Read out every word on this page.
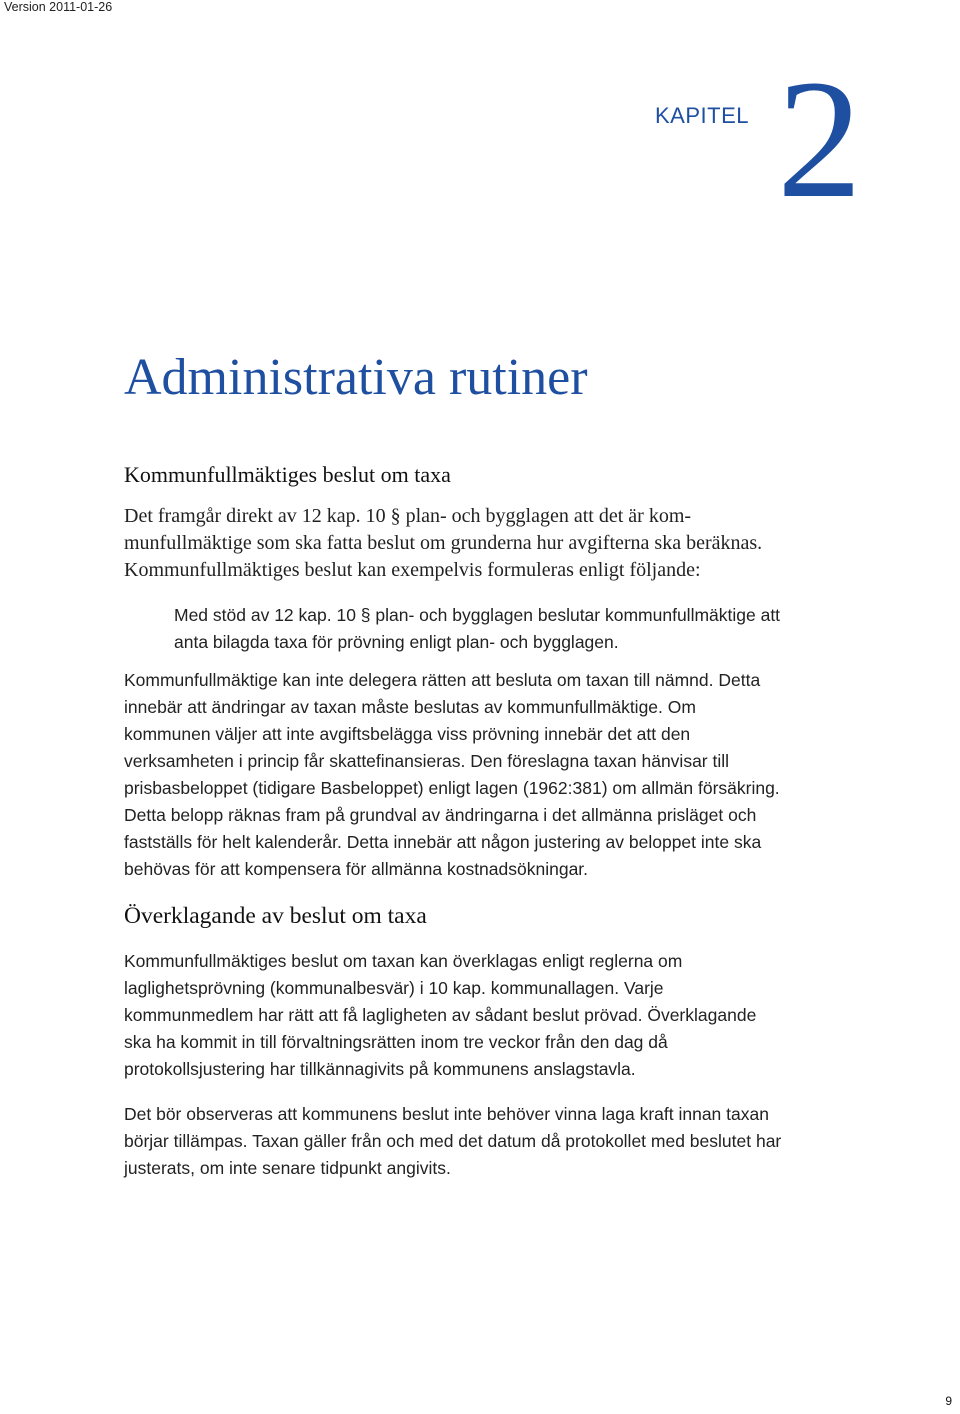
Version 2011-01-26
KAPITEL 2
Administrativa rutiner
Kommunfullmäktiges beslut om taxa

Det framgår direkt av 12 kap. 10 § plan- och bygglagen att det är kommunfullmäktige som ska fatta beslut om grunderna hur avgifterna ska beräknas. Kommunfullmäktiges beslut kan exempelvis formuleras enligt följande:

Med stöd av 12 kap. 10 § plan- och bygglagen beslutar kommunfullmäktige att anta bilagda taxa för prövning enligt plan- och bygglagen.

Kommunfullmäktige kan inte delegera rätten att besluta om taxan till nämnd. Detta innebär att ändringar av taxan måste beslutas av kommunfullmäktige. Om kommunen väljer att inte avgiftsbelägga viss prövning innebär det att den verksamheten i princip får skattefinansieras. Den föreslagna taxan hänvisar till prisbasbeloppet (tidigare Basbeloppet) enligt lagen (1962:381) om allmän försäkring. Detta belopp räknas fram på grundval av ändringarna i det allmänna prisläget och fastställs för helt kalenderår. Detta innebär att någon justering av beloppet inte ska behövas för att kompensera för allmänna kostnadsökningar.

Överklagande av beslut om taxa

Kommunfullmäktiges beslut om taxan kan överklagas enligt reglerna om laglighetsprövning (kommunalbesvär) i 10 kap. kommunallagen. Varje kommunmedlem har rätt att få lagligheten av sådant beslut prövad. Överklagande ska ha kommit in till förvaltningsrätten inom tre veckor från den dag då protokollsjustering har tillkännagivits på kommunens anslagstavla.

Det bör observeras att kommunens beslut inte behöver vinna laga kraft innan taxan börjar tillämpas. Taxan gäller från och med det datum då protokollet med beslutet har justerats, om inte senare tidpunkt angivits.

9
